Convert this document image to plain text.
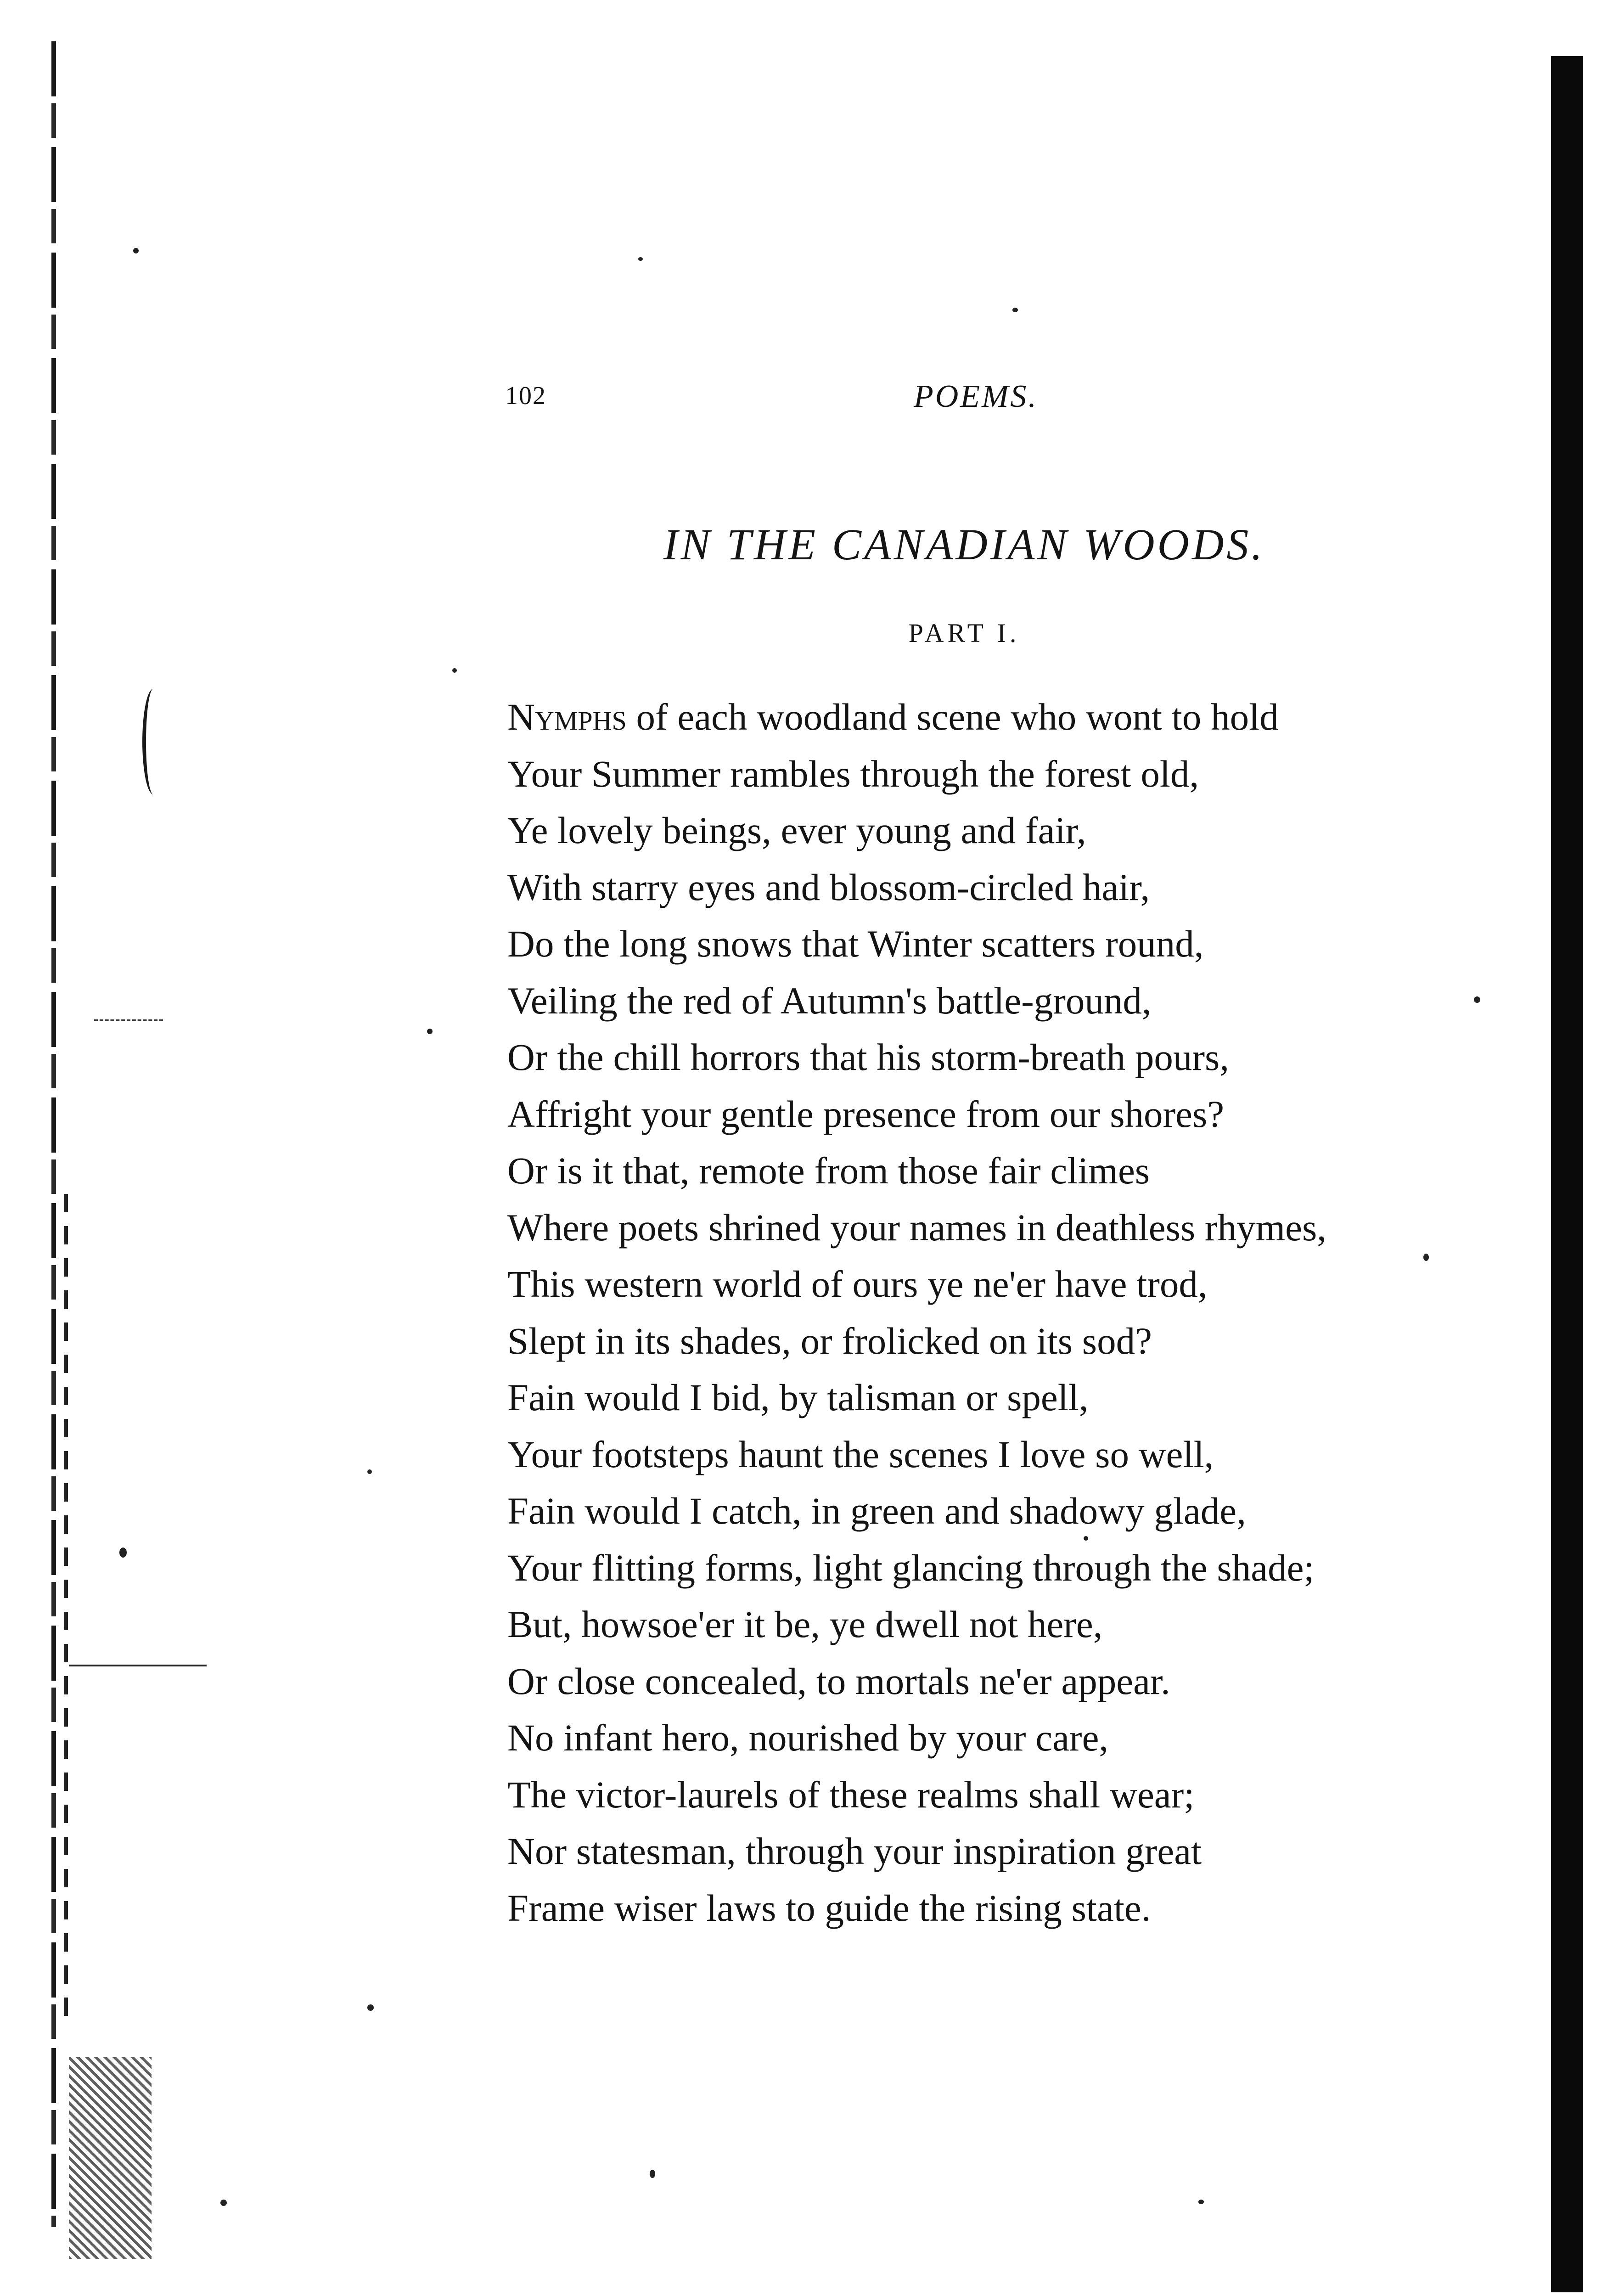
102	POEMS.
IN THE CANADIAN WOODS.
PART I.
Nymphs of each woodland scene who wont to hold
Your Summer rambles through the forest old,
Ye lovely beings, ever young and fair,
With starry eyes and blossom-circled hair,
Do the long snows that Winter scatters round,
Veiling the red of Autumn's battle-ground,
Or the chill horrors that his storm-breath pours,
Affright your gentle presence from our shores?
Or is it that, remote from those fair climes
Where poets shrined your names in deathless rhymes,
This western world of ours ye ne'er have trod,
Slept in its shades, or frolicked on its sod?
Fain would I bid, by talisman or spell,
Your footsteps haunt the scenes I love so well,
Fain would I catch, in green and shadowy glade,
Your flitting forms, light glancing through the shade;
But, howsoe'er it be, ye dwell not here,
Or close concealed, to mortals ne'er appear.
No infant hero, nourished by your care,
The victor-laurels of these realms shall wear;
Nor statesman, through your inspiration great
Frame wiser laws to guide the rising state.
